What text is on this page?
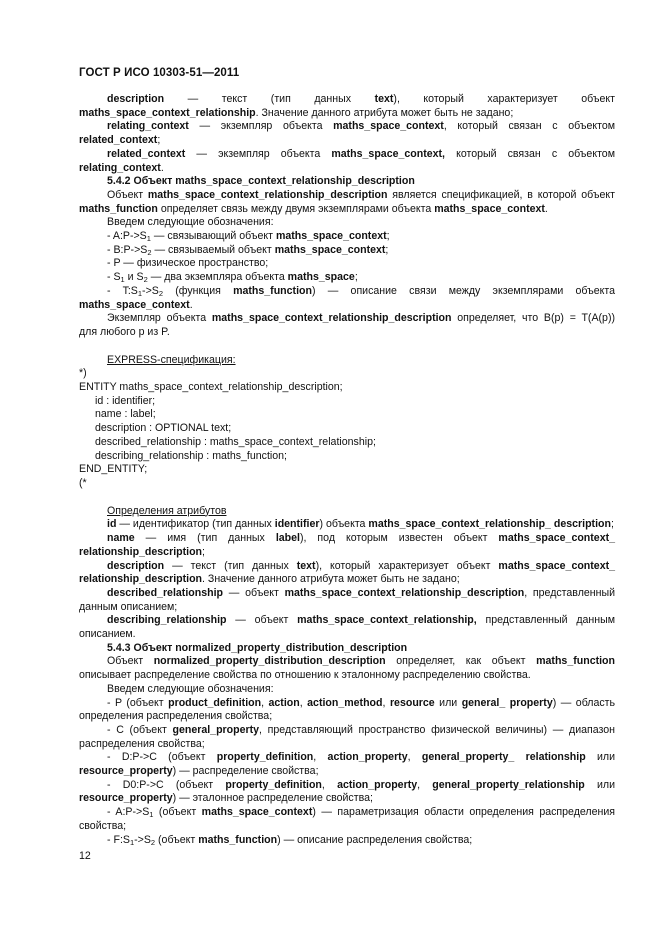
ГОСТ Р ИСО 10303-51—2011

description — текст (тип данных text), который характеризует объект maths_space_context_relationship. Значение данного атрибута может быть не задано;

relating_context — экземпляр объекта maths_space_context, который связан с объектом related_context;

related_context — экземпляр объекта maths_space_context, который связан с объектом relating_context.

5.4.2 Объект maths_space_context_relationship_description

Объект maths_space_context_relationship_description является спецификацией, в которой объект maths_function определяет связь между двумя экземплярами объекта maths_space_context.

Введем следующие обозначения:

- $A:P->S_1$ — связывающий объект maths_space_context;

- $B:P->S_2$ — связываемый объект maths_space_context;

- P — физическое пространство;

- $S_1$ и $S_2$ — два экземпляра объекта maths_space;

- $T:S_1->S_2$ (функция maths_function) — описание связи между экземплярами объекта maths_space_context.

Экземпляр объекта maths_space_context_relationship_description определяет, что B(p) = T(A(p)) для любого p из P.

EXPRESS-спецификация:

*)

ENTITY maths_space_context_relationship_description;

id : identifier;

name : label;

description : OPTIONAL text;

described_relationship : maths_space_context_relationship;

describing_relationship : maths_function;

END_ENTITY;

(*

Определения атрибутов

id — идентификатор (тип данных identifier) объекта maths_space_context_relationship_ description;

name — имя (тип данных label), под которым известен объект maths_space_context_ relationship_description;

description — текст (тип данных text), который характеризует объект maths_space_context_ relationship_description. Значение данного атрибута может быть не задано;

described_relationship — объект maths_space_context_relationship_description, представленный данным описанием;

describing_relationship — объект maths_space_context_relationship, представленный данным описанием.

5.4.3 Объект normalized_property_distribution_description

Объект normalized_property_distribution_description определяет, как объект maths_function описывает распределение свойства по отношению к эталонному распределению свойства.

Введем следующие обозначения:

- P (объект product_definition, action, action_method, resource или general_ property) — область определения распределения свойства;

- C (объект general_property, представляющий пространство физической величины) — диапазон распределения свойства;

- D:P->C (объект property_definition, action_property, general_property_ relationship или resource_property) — распределение свойства;

- D0:P->C (объект property_definition, action_property, general_property_relationship или resource_property) — эталонное распределение свойства;

- $A:P->S_1$ (объект maths_space_context) — параметризация области определения распределения свойства;

- $F:S_1->S_2$ (объект maths_function) — описание распределения свойства;

12
